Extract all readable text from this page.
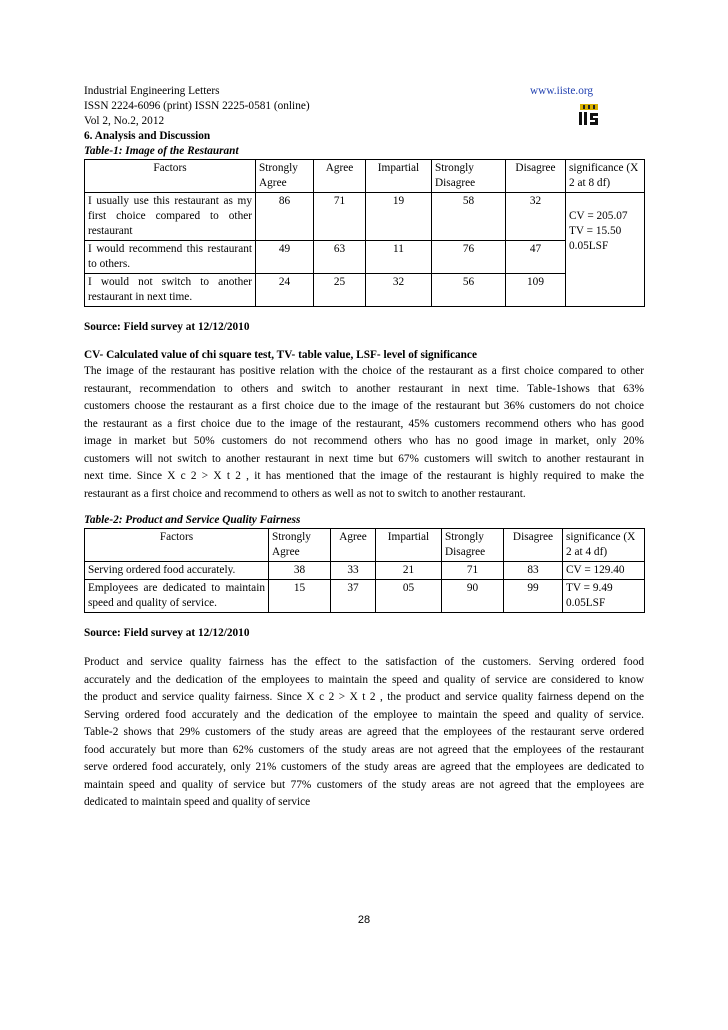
Industrial Engineering Letters	www.iiste.org
ISSN 2224-6096 (print) ISSN 2225-0581 (online)
Vol 2, No.2, 2012
6. Analysis and Discussion
Table-1: Image of the Restaurant
Factors	Strongly Agree	Agree	Impartial	Strongly Disagree	Disagree	significance (X 2 at 8 df)
I usually use this restaurant as my first choice compared to other restaurant	86	71	19	58	32	CV = 205.07
TV = 15.50
0.05LSF

I would recommend this restaurant to others.	49	63	11	76	47	
I would not switch to another restaurant in next time.	24	25	32	56	109	
Source: Field survey at 12/12/2010
CV- Calculated value of chi square test, TV- table value, LSF- level of significance
The image of the restaurant has positive relation with the choice of the restaurant as a first choice compared to other
restaurant, recommendation to others and switch to another restaurant in next time. Table-1shows that 63%
customers choose the restaurant as a first choice due to the image of the restaurant but 36% customers do not choice
the restaurant as a first choice due to the image of the restaurant, 45% customers recommend others who has good
image in market but 50% customers do not recommend others who has no good image in market, only 20%
customers will not switch to another restaurant in next time but 67% customers will switch to another restaurant in
next time. Since X c 2 > X t 2 , it has mentioned that the image of the restaurant is highly required to make the
restaurant as a first choice and recommend to others as well as not to switch to another restaurant.
Table-2: Product and Service Quality Fairness
Factors	Strongly Agree	Agree	Impartial	Strongly Disagree	Disagree	significance (X 2 at 4 df)
Serving ordered food accurately.	38	33	21	71	83	CV = 129.40
Employees are dedicated to maintain speed and quality of service.	15	37	05	90	99	TV = 9.49
0.05LSF
Source: Field survey at 12/12/2010
Product and service quality fairness has the effect to the satisfaction of the customers. Serving ordered food
accurately and the dedication of the employees to maintain the speed and quality of service are considered to know
the product and service quality fairness. Since X c 2 > X t 2 , the product and service quality fairness depend on the
Serving ordered food accurately and the dedication of the employee to maintain the speed and quality of service.
Table-2 shows that 29% customers of the study areas are agreed that the employees of the restaurant serve ordered
food accurately but more than 62% customers of the study areas are not agreed that the employees of the restaurant
serve ordered food accurately, only 21% customers of the study areas are agreed that the employees are dedicated to
maintain speed and quality of service but 77% customers of the study areas are not agreed that the employees are
dedicated to maintain speed and quality of service
28
